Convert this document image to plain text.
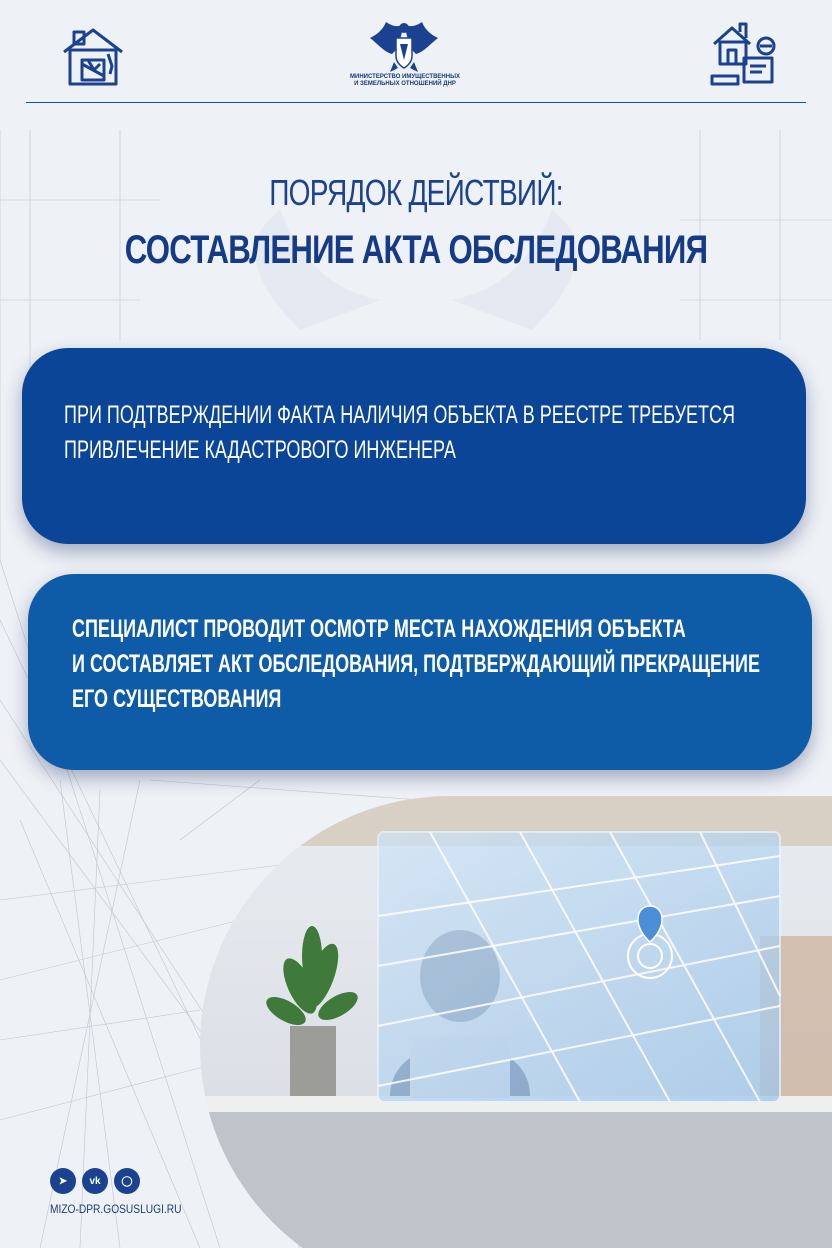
МИНИСТЕРСТВО ИМУЩЕСТВЕННЫХ
И ЗЕМЕЛЬНЫХ ОТНОШЕНИЙ ДНР
ПОРЯДОК ДЕЙСТВИЙ:
СОСТАВЛЕНИЕ АКТА ОБСЛЕДОВАНИЯ
ПРИ ПОДТВЕРЖДЕНИИ ФАКТА НАЛИЧИЯ ОБЪЕКТА В РЕЕСТРЕ ТРЕБУЕТСЯ
ПРИВЛЕЧЕНИЕ КАДАСТРОВОГО ИНЖЕНЕРА
СПЕЦИАЛИСТ ПРОВОДИТ ОСМОТР МЕСТА НАХОЖДЕНИЯ ОБЪЕКТА
И СОСТАВЛЯЕТ АКТ ОБСЛЕДОВАНИЯ, ПОДТВЕРЖДАЮЩИЙ ПРЕКРАЩЕНИЕ
ЕГО СУЩЕСТВОВАНИЯ
➤	vk	◯
MIZO-DPR.GOSUSLUGI.RU
